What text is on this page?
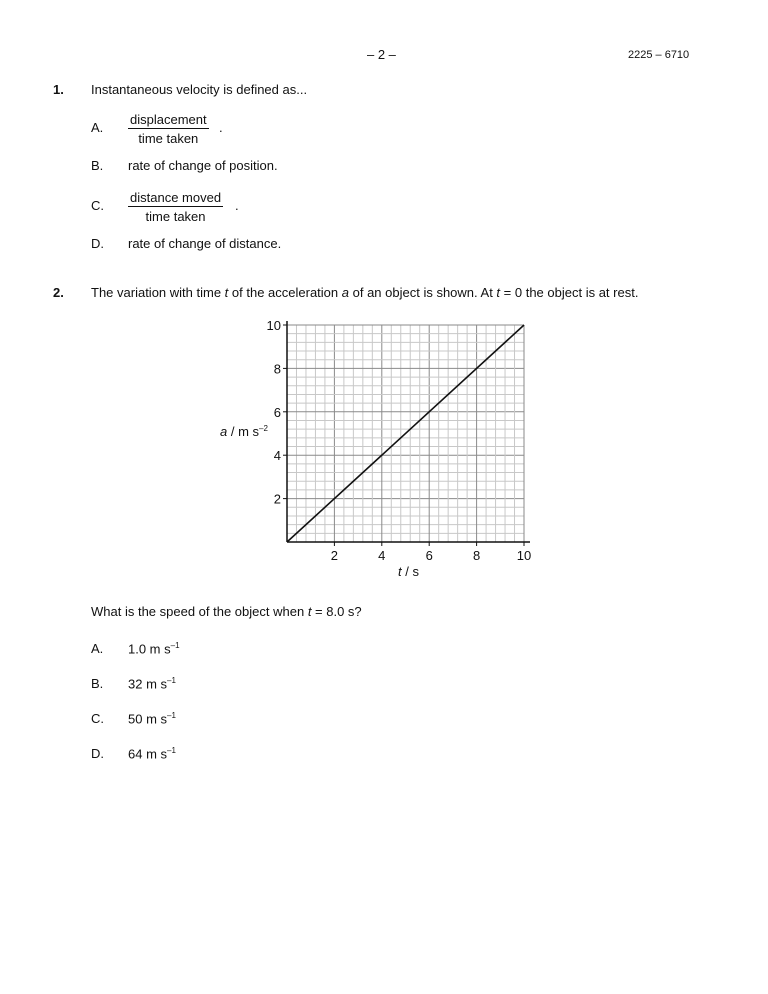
– 2 –	2225 – 6710
1. Instantaneous velocity is defined as...
A.
displacement
time taken
.
B. rate of change of position.
C.
distance moved
time taken
.
D. rate of change of distance.
2. The variation with time t of the acceleration a of an object is shown. At t = 0 the object is at rest.
2	4	6	8	10
2
4
6
8
10
a / m $s^{-2}$
t / s
What is the speed of the object when t = 8.0 s?
A. 1.0 m $s^{-1}$
B. 32 m $s^{-1}$
C. 50 m $s^{-1}$
D. 64 m $s^{-1}$
